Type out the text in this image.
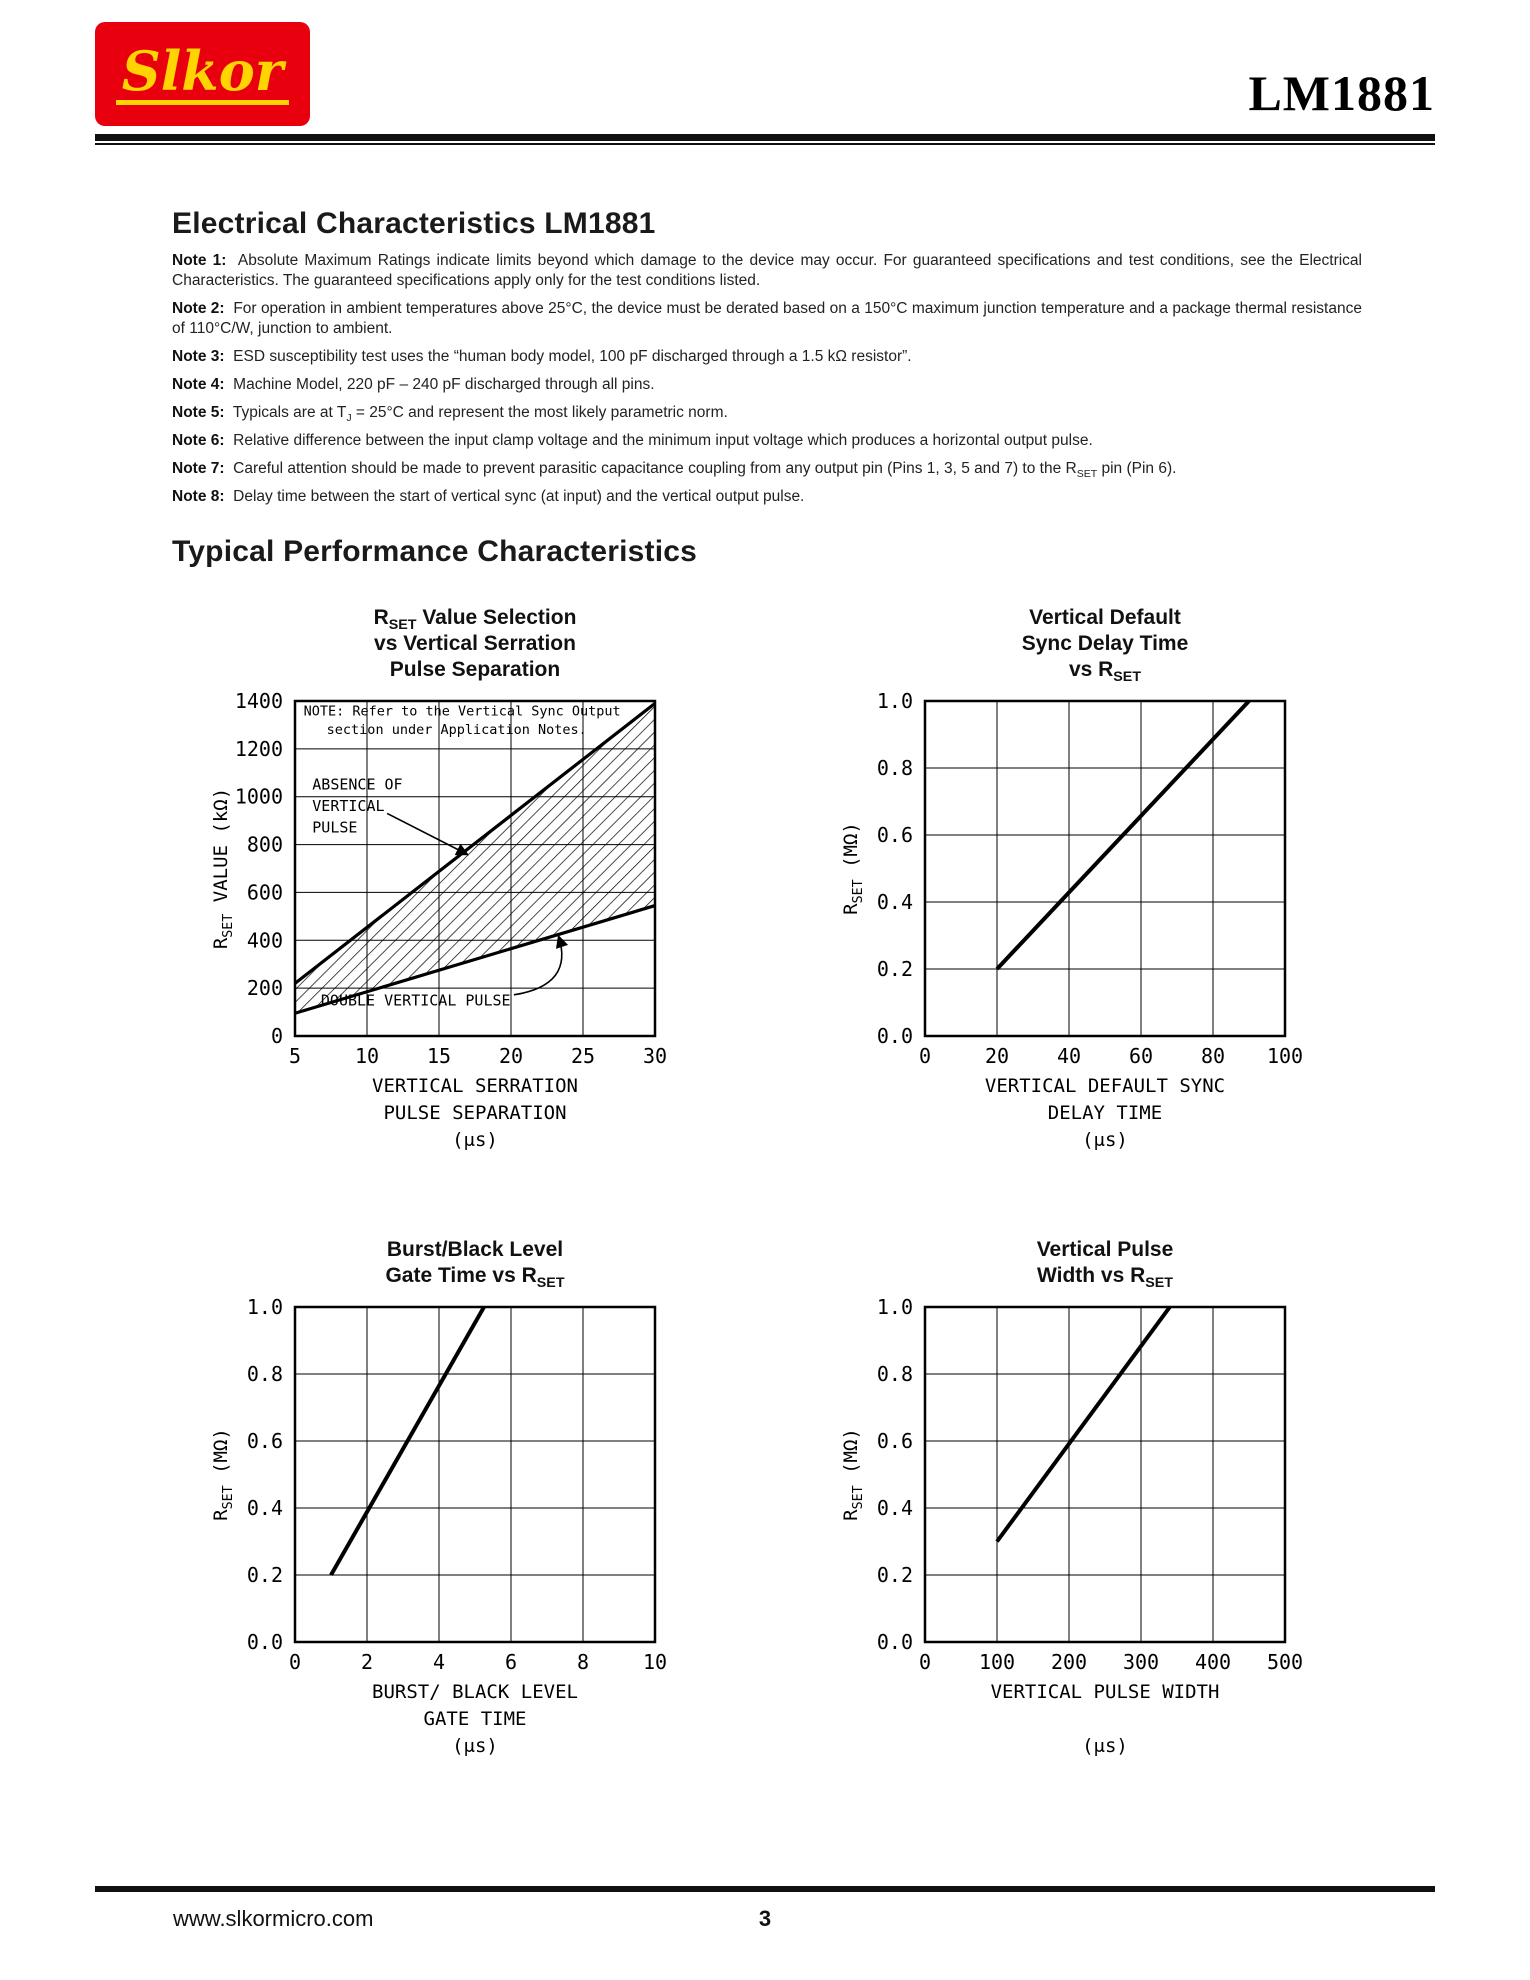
Slkor	LM1881
Electrical Characteristics LM1881

Note 1:  Absolute Maximum Ratings indicate limits beyond which damage to the device may occur. For guaranteed specifications and test conditions, see the Electrical Characteristics. The guaranteed specifications apply only for the test conditions listed.

Note 2:  For operation in ambient temperatures above 25°C, the device must be derated based on a 150°C maximum junction temperature and a package thermal resistance of 110°C/W, junction to ambient.

Note 3:  ESD susceptibility test uses the “human body model, 100 pF discharged through a 1.5 kΩ resistor”.

Note 4:  Machine Model, 220 pF – 240 pF discharged through all pins.

Note 5:  Typicals are at $T_J = 25^\circ C$ and represent the most likely parametric norm.

Note 6:  Relative difference between the input clamp voltage and the minimum input voltage which produces a horizontal output pulse.

Note 7:  Careful attention should be made to prevent parasitic capacitance coupling from any output pin (Pins 1, 3, 5 and 7) to the $R_{SET}$ pin (Pin 6).

Note 8:  Delay time between the start of vertical sync (at input) and the vertical output pulse.

Typical Performance Characteristics
$R_{SET}$ Value Selection
vs Vertical Serration
Pulse Separation
5	10 15 20 25 30
0
200
400
600
800
1000
1200
1400
$R_{SET}$ VALUE (kΩ)
VERTICAL SERRATION
PULSE SEPARATION
(μs)
NOTE: Refer to the Vertical Sync Output
section under Application Notes.
ABSENCE OF
VERTICAL
PULSE
DOUBLE VERTICAL PULSE
Vertical Default
Sync Delay Time
vs $R_{SET}$
0	20 40 60 80 100
0.0
0.2
0.4
0.6
0.8
1.0
$R_{SET}$ (MΩ)
VERTICAL DEFAULT SYNC
DELAY TIME
(μs)
Burst/Black Level
Gate Time vs $R_{SET}$
0	2	4	6	8	10
0.0
0.2
0.4
0.6
0.8
1.0
$R_{SET}$ (MΩ)
BURST/ BLACK LEVEL
GATE TIME
(μs)
Vertical Pulse
Width vs $R_{SET}$
0 100 200 300 400 500
0.0
0.2
0.4
0.6
0.8
1.0
$R_{SET}$ (MΩ)
VERTICAL PULSE WIDTH
(μs)
www.slkormicro.com	3
